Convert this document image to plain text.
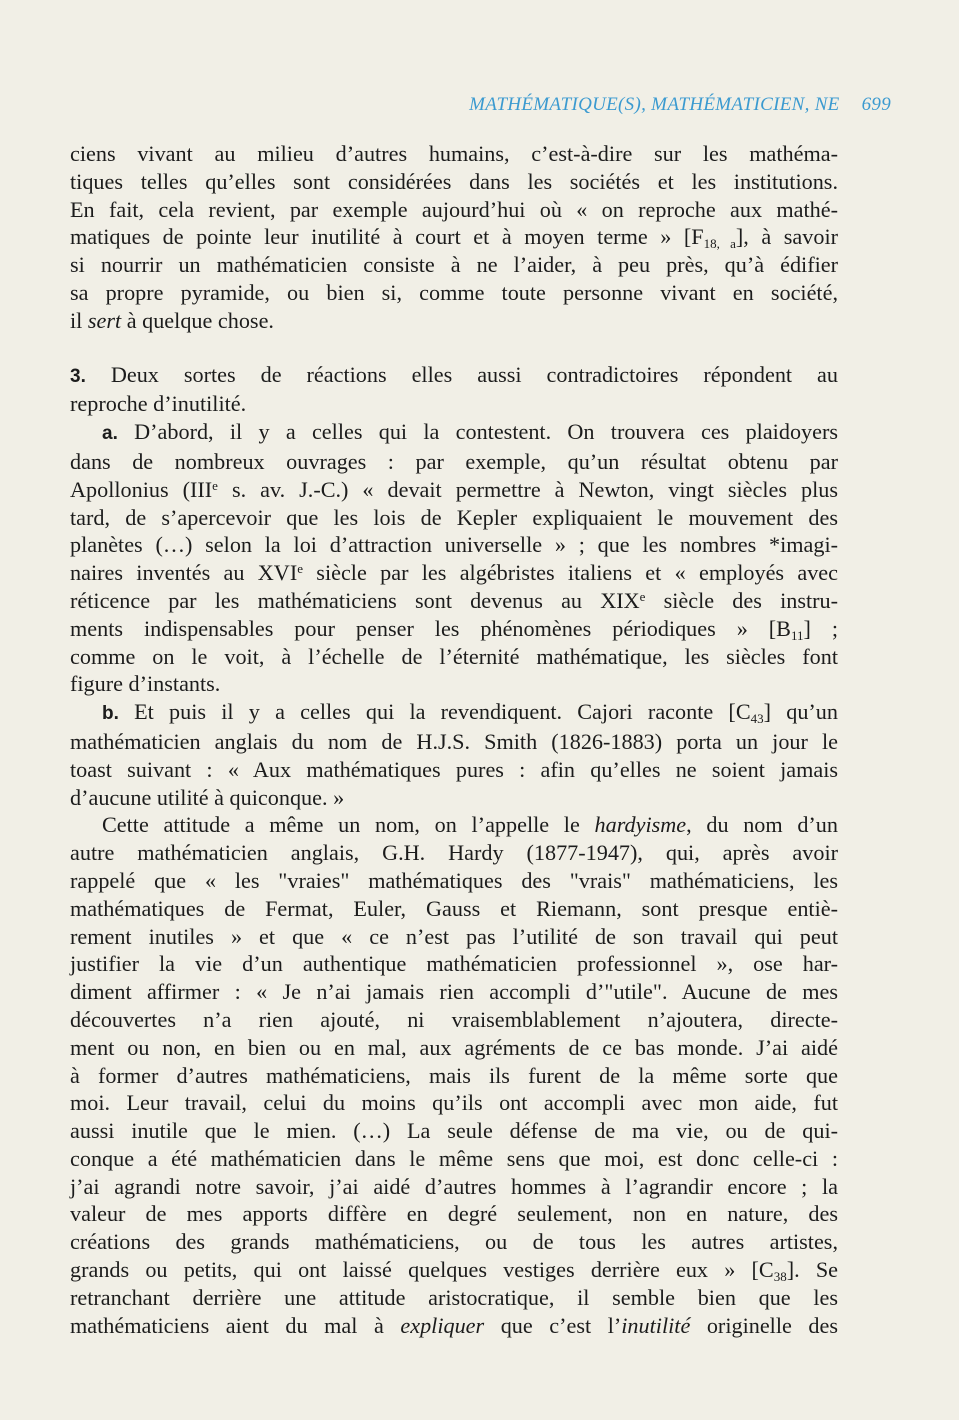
MATHÉMATIQUE(S), MATHÉMATICIEN, NE 699

ciens vivant au milieu d’autres humains, c’est-à-dire sur les mathéma-

tiques telles qu’elles sont considérées dans les sociétés et les institutions.

En fait, cela revient, par exemple aujourd’hui où « on reproche aux mathé-

matiques de pointe leur inutilité à court et à moyen terme » $[F_{18, a}]$, à savoir

si nourrir un mathématicien consiste à ne l’aider, à peu près, qu’à édifier

sa propre pyramide, ou bien si, comme toute personne vivant en société,

il sert à quelque chose.

3. Deux sortes de réactions elles aussi contradictoires répondent au

reproche d’inutilité.

a. D’abord, il y a celles qui la contestent. On trouvera ces plaidoyers

dans de nombreux ouvrages : par exemple, qu’un résultat obtenu par

Apollonius (IIIe s. av. J.-C.) « devait permettre à Newton, vingt siècles plus

tard, de s’apercevoir que les lois de Kepler expliquaient le mouvement des

planètes (…) selon la loi d’attraction universelle » ; que les nombres *imagi-

naires inventés au XVIe siècle par les algébristes italiens et « employés avec

réticence par les mathématiciens sont devenus au XIXe siècle des instru-

ments indispensables pour penser les phénomènes périodiques » $[B_{11}]$ ;

comme on le voit, à l’échelle de l’éternité mathématique, les siècles font

figure d’instants.

b. Et puis il y a celles qui la revendiquent. Cajori raconte $[C_{43}]$ qu’un

mathématicien anglais du nom de H.J.S. Smith (1826-1883) porta un jour le

toast suivant : « Aux mathématiques pures : afin qu’elles ne soient jamais

d’aucune utilité à quiconque. »

Cette attitude a même un nom, on l’appelle le hardyisme, du nom d’un

autre mathématicien anglais, G.H. Hardy (1877-1947), qui, après avoir

rappelé que « les "vraies" mathématiques des "vrais" mathématiciens, les

mathématiques de Fermat, Euler, Gauss et Riemann, sont presque entiè-

rement inutiles » et que « ce n’est pas l’utilité de son travail qui peut

justifier la vie d’un authentique mathématicien professionnel », ose har-

diment affirmer : « Je n’ai jamais rien accompli d’"utile". Aucune de mes

découvertes n’a rien ajouté, ni vraisemblablement n’ajoutera, directe-

ment ou non, en bien ou en mal, aux agréments de ce bas monde. J’ai aidé

à former d’autres mathématiciens, mais ils furent de la même sorte que

moi. Leur travail, celui du moins qu’ils ont accompli avec mon aide, fut

aussi inutile que le mien. (…) La seule défense de ma vie, ou de qui-

conque a été mathématicien dans le même sens que moi, est donc celle-ci :

j’ai agrandi notre savoir, j’ai aidé d’autres hommes à l’agrandir encore ; la

valeur de mes apports diffère en degré seulement, non en nature, des

créations des grands mathématiciens, ou de tous les autres artistes,

grands ou petits, qui ont laissé quelques vestiges derrière eux » $[C_{38}]$. Se

retranchant derrière une attitude aristocratique, il semble bien que les

mathématiciens aient du mal à expliquer que c’est l’inutilité originelle des
